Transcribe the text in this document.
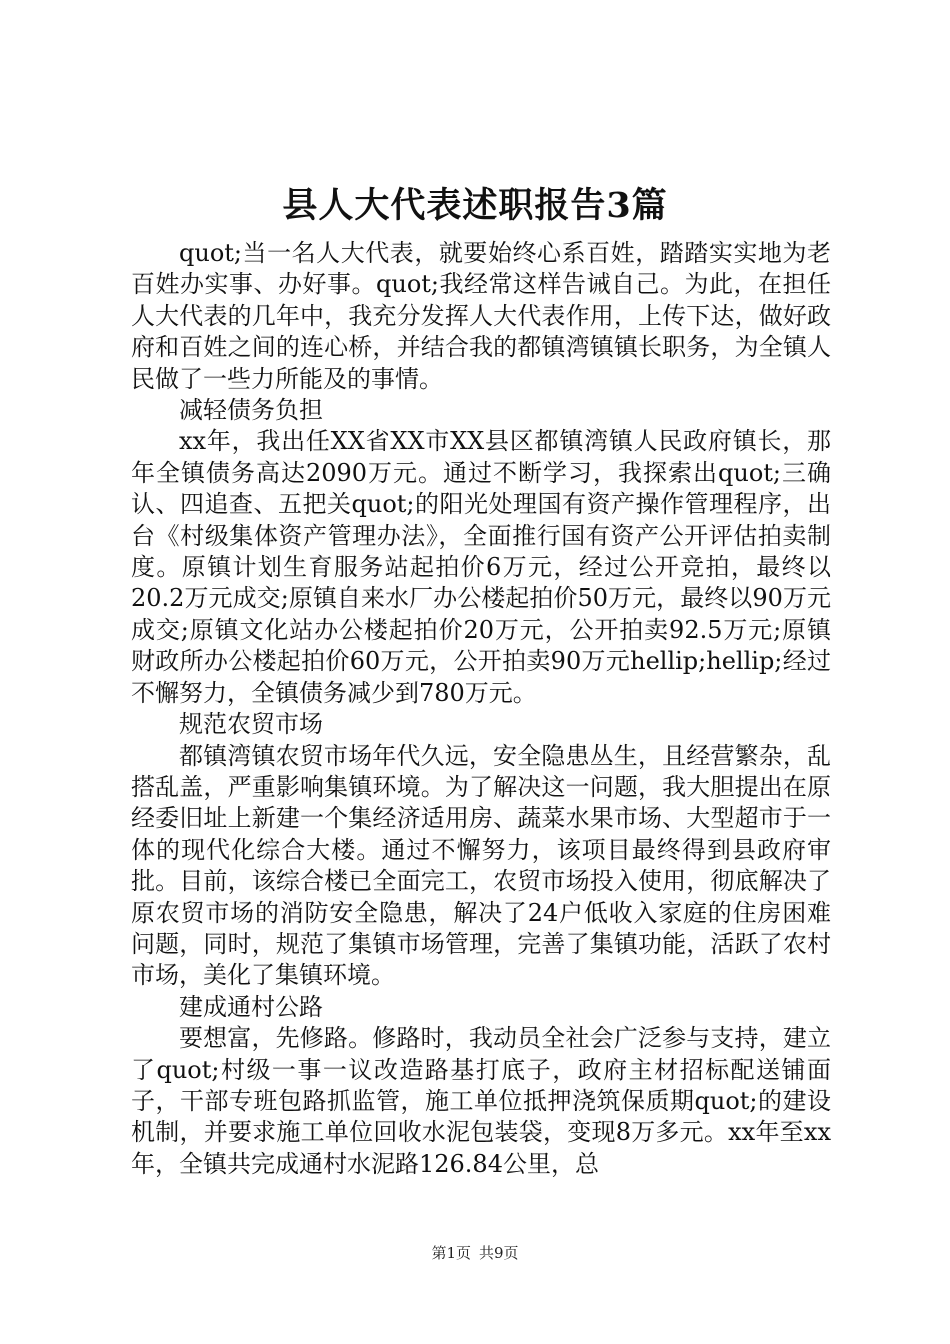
县人大代表述职报告3篇

quot;当一名人大代表，就要始终心系百姓，踏踏实实地为老百姓办实事、办好事。quot;我经常这样告诫自己。为此，在担任人大代表的几年中，我充分发挥人大代表作用，上传下达，做好政府和百姓之间的连心桥，并结合我的都镇湾镇镇长职务，为全镇人民做了一些力所能及的事情。

减轻债务负担

xx年，我出任XX省XX市XX县区都镇湾镇人民政府镇长，那年全镇债务高达2090万元。通过不断学习，我探索出quot;三确认、四追查、五把关quot;的阳光处理国有资产操作管理程序，出台《村级集体资产管理办法》，全面推行国有资产公开评估拍卖制度。原镇计划生育服务站起拍价6万元，经过公开竞拍，最终以20.2万元成交;原镇自来水厂办公楼起拍价50万元，最终以90万元成交;原镇文化站办公楼起拍价20万元，公开拍卖92.5万元;原镇财政所办公楼起拍价60万元，公开拍卖90万元hellip;hellip;经过不懈努力，全镇债务减少到780万元。

规范农贸市场

都镇湾镇农贸市场年代久远，安全隐患丛生，且经营繁杂，乱搭乱盖，严重影响集镇环境。为了解决这一问题，我大胆提出在原经委旧址上新建一个集经济适用房、蔬菜水果市场、大型超市于一体的现代化综合大楼。通过不懈努力，该项目最终得到县政府审批。目前，该综合楼已全面完工，农贸市场投入使用，彻底解决了原农贸市场的消防安全隐患，解决了24户低收入家庭的住房困难问题，同时，规范了集镇市场管理，完善了集镇功能，活跃了农村市场，美化了集镇环境。

建成通村公路

要想富，先修路。修路时，我动员全社会广泛参与支持，建立了quot;村级一事一议改造路基打底子，政府主材招标配送铺面子，干部专班包路抓监管，施工单位抵押浇筑保质期quot;的建设机制，并要求施工单位回收水泥包装袋，变现8万多元。xx年至xx年，全镇共完成通村水泥路126.84公里，总

第1页 共9页
